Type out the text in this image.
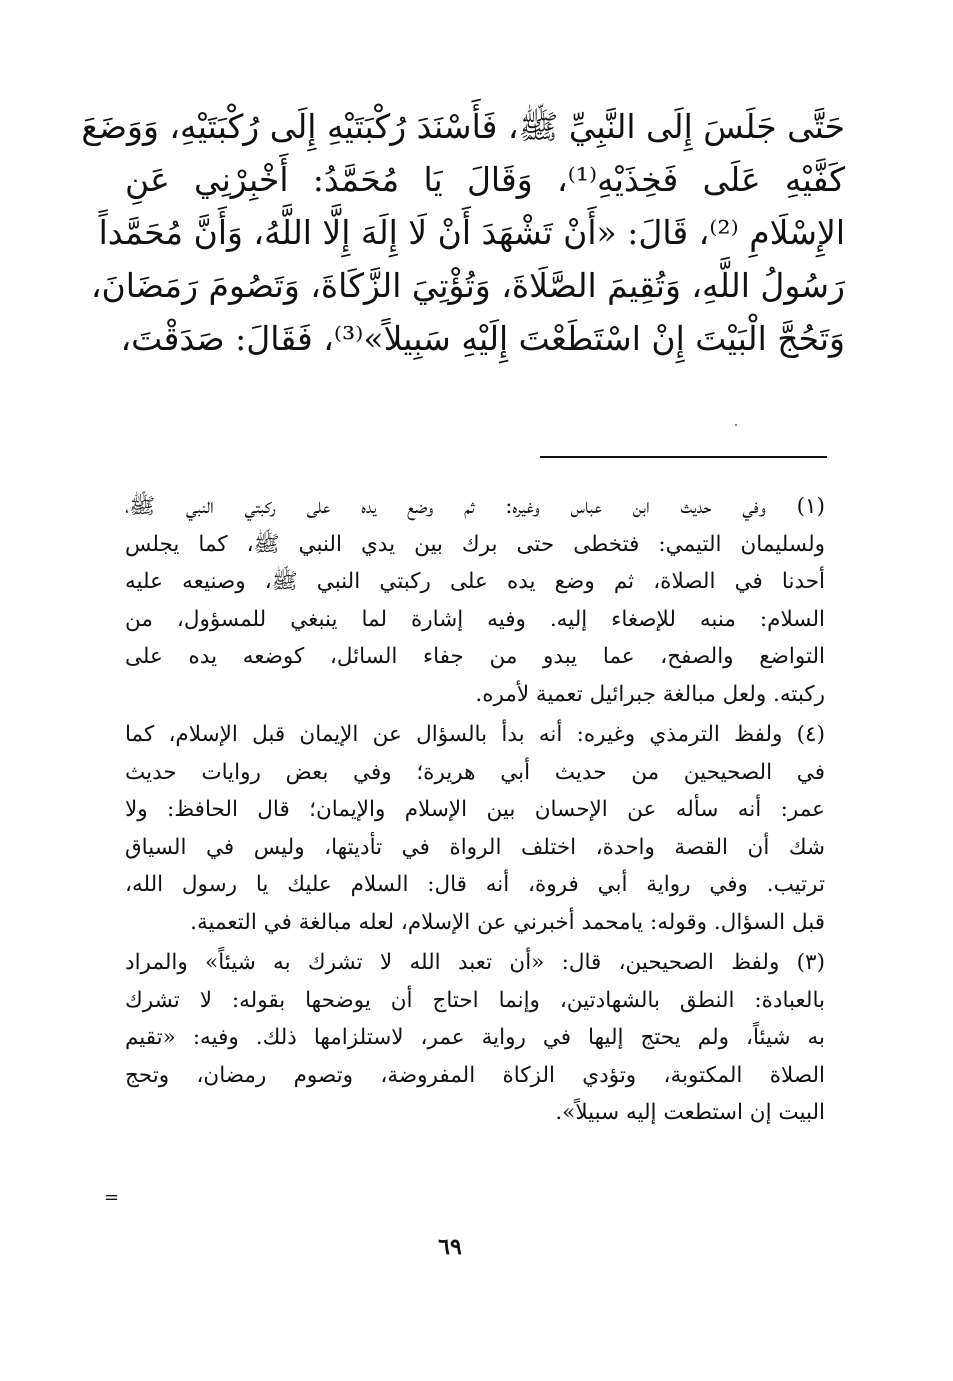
حَتَّى جَلَسَ إِلَى النَّبِيِّ ﷺ، فَأَسْنَدَ رُكْبَتَيْهِ إِلَى رُكْبَتَيْهِ، وَوَضَعَ
كَفَّيْهِ عَلَى فَخِذَيْهِ⁽¹⁾، وَقَالَ يَا مُحَمَّدُ: أَخْبِرْنِي عَنِ
الإِسْلَامِ ⁽²⁾، قَالَ: «أَنْ تَشْهَدَ أَنْ لَا إِلَهَ إِلَّا اللَّهُ، وَأَنَّ مُحَمَّداً
رَسُولُ اللَّهِ، وَتُقِيمَ الصَّلَاةَ، وَتُؤْتِيَ الزَّكَاةَ، وَتَصُومَ رَمَضَانَ،
وَتَحُجَّ الْبَيْتَ إِنْ اسْتَطَعْتَ إِلَيْهِ سَبِيلاً»⁽³⁾، فَقَالَ: صَدَقْتَ،
(١) وفي حديث ابن عباس وغيره: ثم وضع يده على ركبتي النبي ﷺ،
ولسليمان التيمي: فتخطى حتى برك بين يدي النبي ﷺ، كما يجلس
أحدنا في الصلاة، ثم وضع يده على ركبتي النبي ﷺ، وصنيعه عليه
السلام: منبه للإصغاء إليه. وفيه إشارة لما ينبغي للمسؤول، من
التواضع والصفح، عما يبدو من جفاء السائل، كوضعه يده على
ركبته. ولعل مبالغة جبرائيل تعمية لأمره.
(٤) ولفظ الترمذي وغيره: أنه بدأ بالسؤال عن الإيمان قبل الإسلام، كما
في الصحيحين من حديث أبي هريرة؛ وفي بعض روايات حديث
عمر: أنه سأله عن الإحسان بين الإسلام والإيمان؛ قال الحافظ: ولا
شك أن القصة واحدة، اختلف الرواة في تأديتها، وليس في السياق
ترتيب. وفي رواية أبي فروة، أنه قال: السلام عليك يا رسول الله،
قبل السؤال. وقوله: يامحمد أخبرني عن الإسلام، لعله مبالغة في التعمية.
(٣) ولفظ الصحيحين، قال: «أن تعبد الله لا تشرك به شيئاً» والمراد
بالعبادة: النطق بالشهادتين، وإنما احتاج أن يوضحها بقوله: لا تشرك
به شيئاً، ولم يحتج إليها في رواية عمر، لاستلزامها ذلك. وفيه: «تقيم
الصلاة المكتوبة، وتؤدي الزكاة المفروضة، وتصوم رمضان، وتحج
البيت إن استطعت إليه سبيلاً».
=
٦٩
